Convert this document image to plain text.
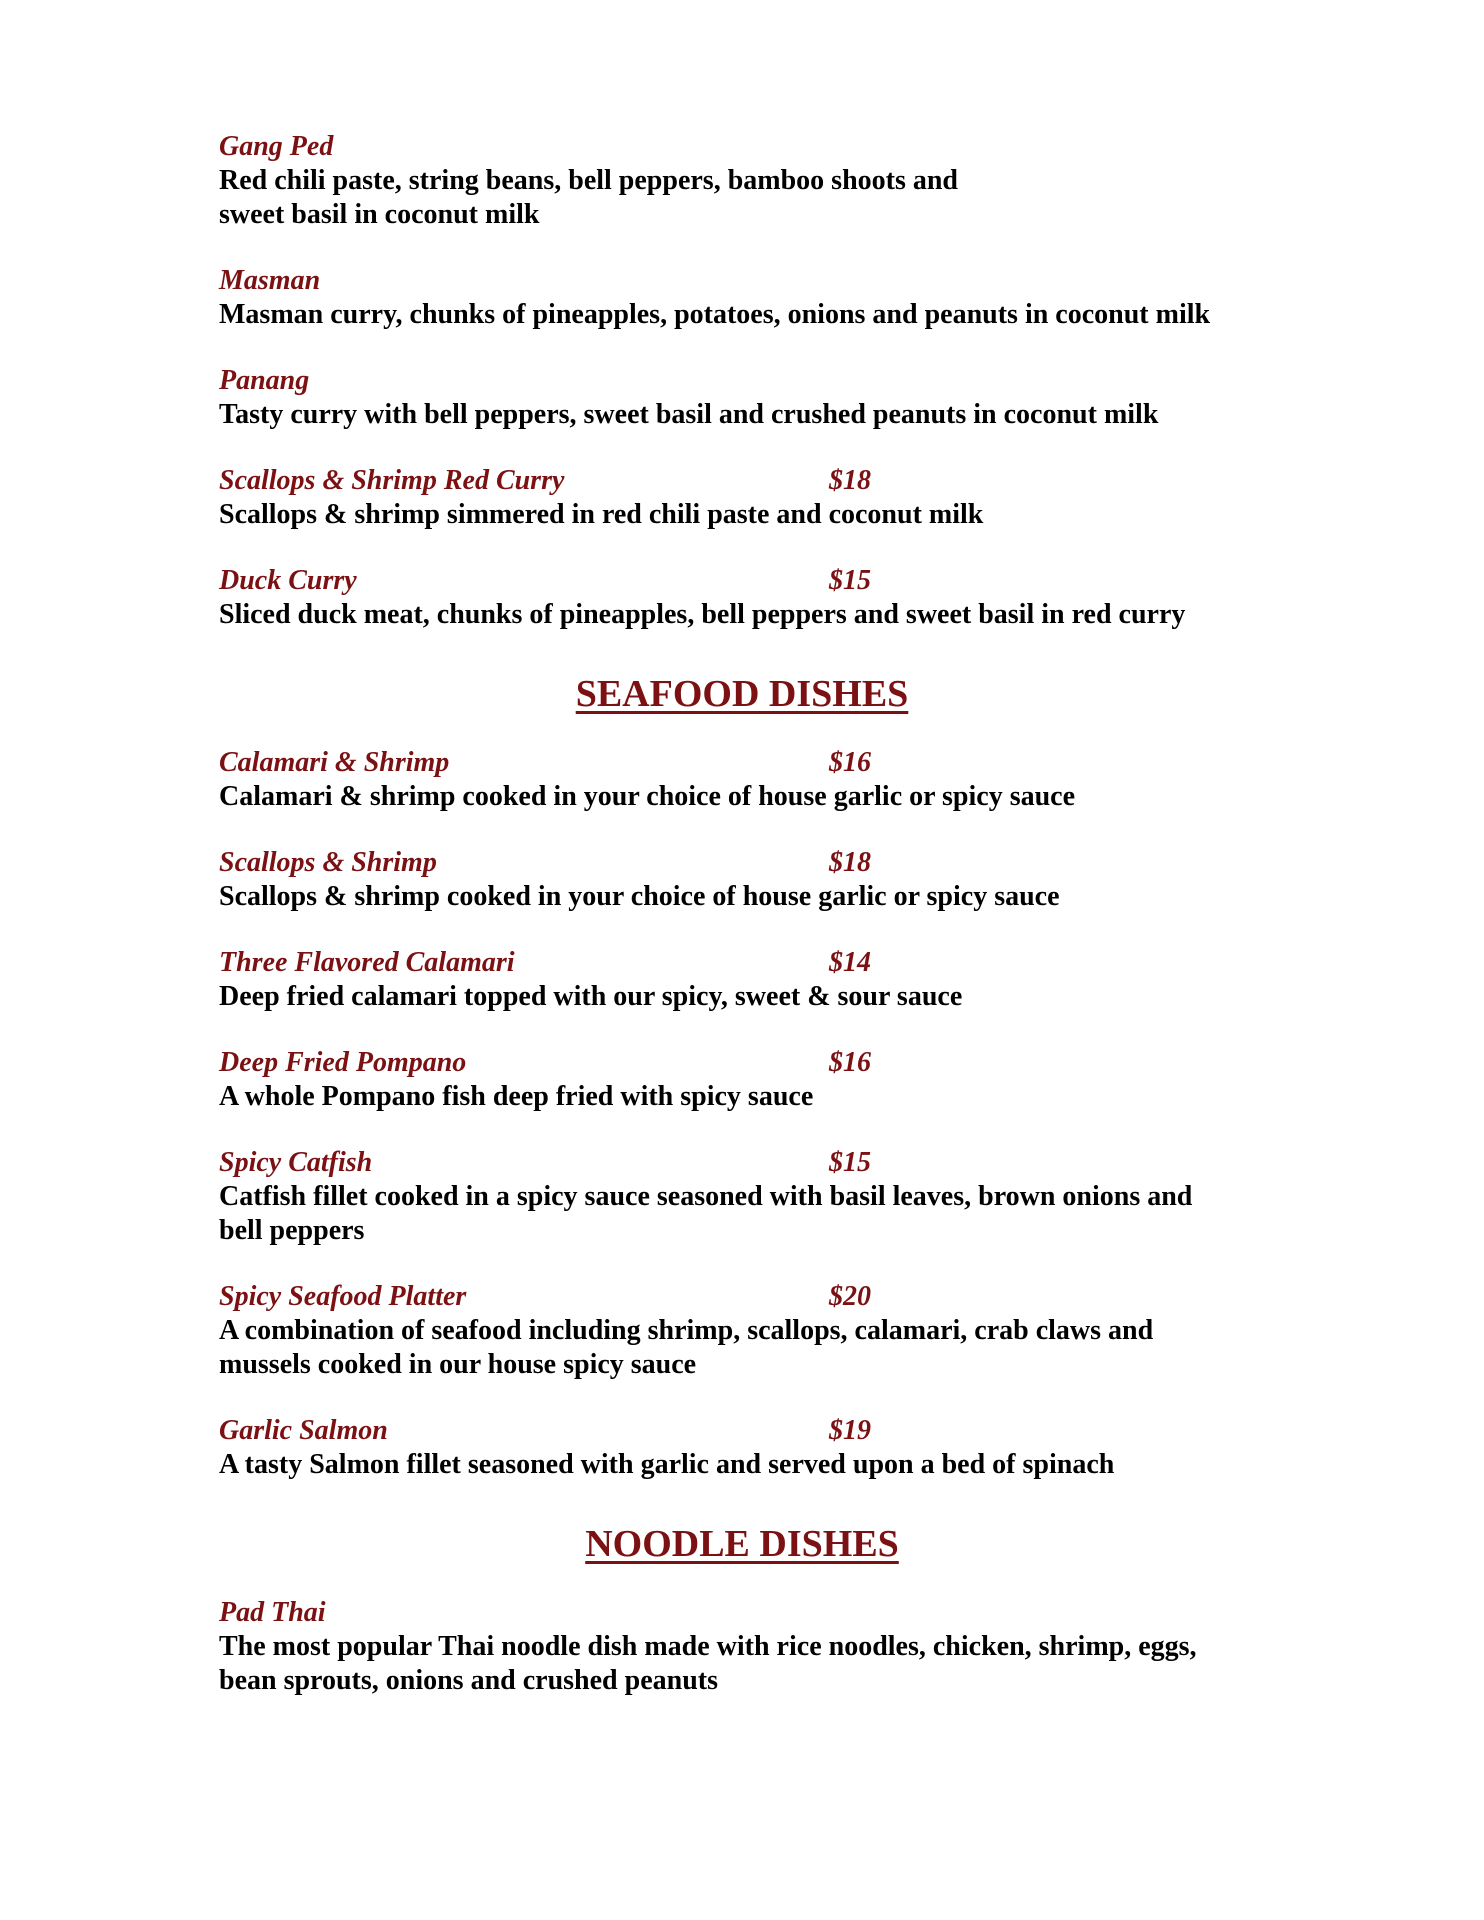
Gang Ped
Red chili paste, string beans, bell peppers, bamboo shoots and
sweet basil in coconut milk
Masman
Masman curry, chunks of pineapples, potatoes, onions and peanuts in coconut milk
Panang
Tasty curry with bell peppers, sweet basil and crushed peanuts in coconut milk
Scallops & Shrimp Red Curry	$18
Scallops & shrimp simmered in red chili paste and coconut milk
Duck Curry	$15
Sliced duck meat, chunks of pineapples, bell peppers and sweet basil in red curry
SEAFOOD DISHES
Calamari & Shrimp	$16
Calamari & shrimp cooked in your choice of house garlic or spicy sauce
Scallops & Shrimp	$18
Scallops & shrimp cooked in your choice of house garlic or spicy sauce
Three Flavored Calamari	$14
Deep fried calamari topped with our spicy, sweet & sour sauce
Deep Fried Pompano	$16
A whole Pompano fish deep fried with spicy sauce
Spicy Catfish	$15
Catfish fillet cooked in a spicy sauce seasoned with basil leaves, brown onions and
bell peppers
Spicy Seafood Platter	$20
A combination of seafood including shrimp, scallops, calamari, crab claws and
mussels cooked in our house spicy sauce
Garlic Salmon	$19
A tasty Salmon fillet seasoned with garlic and served upon a bed of spinach
NOODLE DISHES
Pad Thai
The most popular Thai noodle dish made with rice noodles, chicken, shrimp, eggs,
bean sprouts, onions and crushed peanuts
